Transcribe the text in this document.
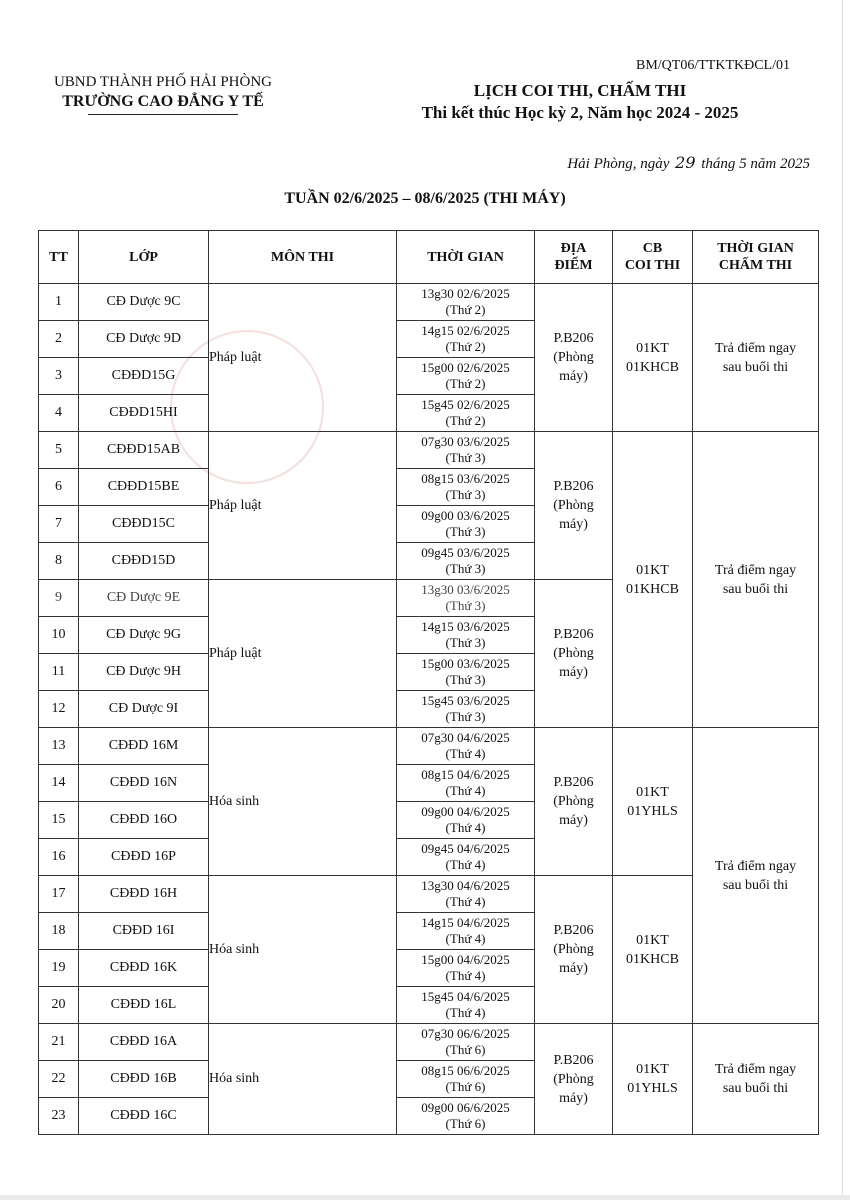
BM/QT06/TTKTKĐCL/01
UBND THÀNH PHỐ HẢI PHÒNG
TRƯỜNG CAO ĐẲNG Y TẾ
LỊCH COI THI, CHẤM THI
Thi kết thúc Học kỳ 2, Năm học 2024 - 2025
Hải Phòng, ngày 29 tháng 5 năm 2025
TUẦN 02/6/2025 – 08/6/2025 (THI MÁY)
TT	LỚP	MÔN THI	THỜI GIAN	ĐỊA
ĐIỂM	CB
COI THI	THỜI GIAN
CHẤM THI

1	CĐ Dược 9C	Pháp luật	13g30 02/6/2025
(Thứ 2)	P.B206
(Phòng
máy)	01KT
01KHCB	Trả điểm ngay
sau buổi thi

2	CĐ Dược 9D		14g15 02/6/2025
(Thứ 2)			

3	CĐĐD15G		15g00 02/6/2025
(Thứ 2)			

4	CĐĐD15HI		15g45 02/6/2025
(Thứ 2)			

5	CĐĐD15AB	Pháp luật	07g30 03/6/2025
(Thứ 3)	P.B206
(Phòng
máy)	01KT
01KHCB	Trả điểm ngay
sau buổi thi

6	CĐĐD15BE		08g15 03/6/2025
(Thứ 3)			

7	CĐĐD15C		09g00 03/6/2025
(Thứ 3)			

8	CĐĐD15D		09g45 03/6/2025
(Thứ 3)			

9	CĐ Dược 9E	Pháp luật	13g30 03/6/2025
(Thứ 3)	P.B206
(Phòng
máy)		

10	CĐ Dược 9G		14g15 03/6/2025
(Thứ 3)			

11	CĐ Dược 9H		15g00 03/6/2025
(Thứ 3)			

12	CĐ Dược 9I		15g45 03/6/2025
(Thứ 3)			

13	CĐĐD 16M	Hóa sinh	07g30 04/6/2025
(Thứ 4)	P.B206
(Phòng
máy)	01KT
01YHLS	Trả điểm ngay
sau buổi thi

14	CĐĐD 16N		08g15 04/6/2025
(Thứ 4)			

15	CĐĐD 16O		09g00 04/6/2025
(Thứ 4)			

16	CĐĐD 16P		09g45 04/6/2025
(Thứ 4)			

17	CĐĐD 16H	Hóa sinh	13g30 04/6/2025
(Thứ 4)	P.B206
(Phòng
máy)	01KT
01KHCB	

18	CĐĐD 16I		14g15 04/6/2025
(Thứ 4)			

19	CĐĐD 16K		15g00 04/6/2025
(Thứ 4)			

20	CĐĐD 16L		15g45 04/6/2025
(Thứ 4)			

21	CĐĐD 16A	Hóa sinh	07g30 06/6/2025
(Thứ 6)	P.B206
(Phòng
máy)	01KT
01YHLS	Trả điểm ngay
sau buổi thi

22	CĐĐD 16B		08g15 06/6/2025
(Thứ 6)			

23	CĐĐD 16C		09g00 06/6/2025
(Thứ 6)			
